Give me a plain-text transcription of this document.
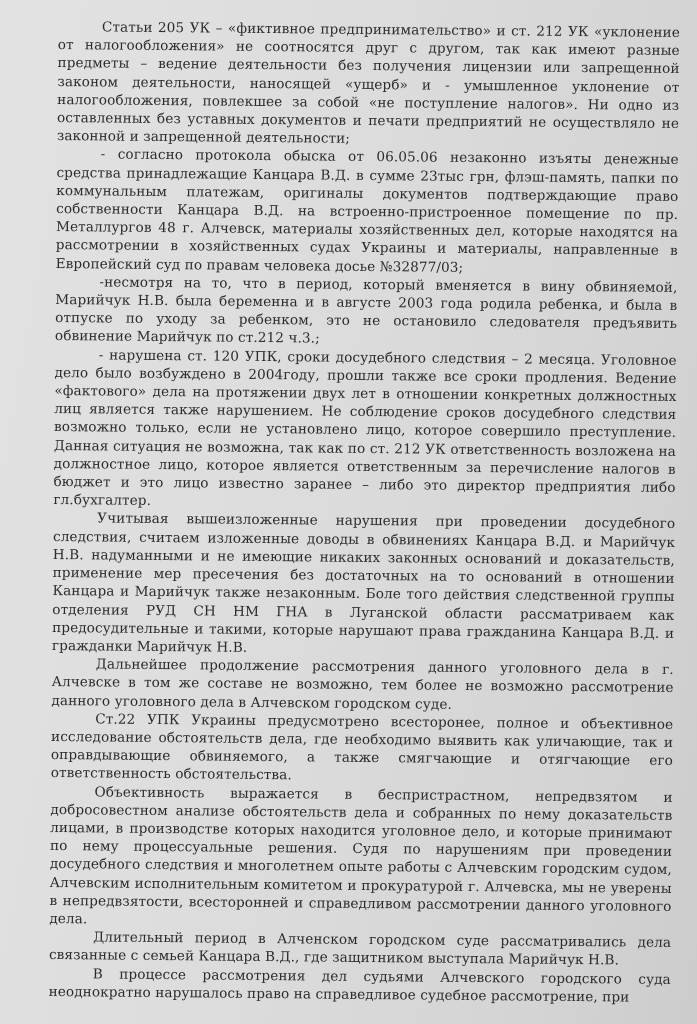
Статьи 205 УК – «фиктивное предпринимательство» и ст. 212 УК «уклонение от налогообложения» не соотносятся друг с другом, так как имеют разные предметы – ведение деятельности без получения лицензии или запрещенной законом деятельности, наносящей «ущерб» и - умышленное уклонение от налогообложения, повлекшее за собой «не поступление налогов». Ни одно из оставленных без уставных документов и печати предприятий не осуществляло не законной и запрещенной деятельности;

- согласно протокола обыска от 06.05.06 незаконно изъяты денежные средства принадлежащие Канцара В.Д. в сумме 23тыс грн, флэш-память, папки по коммунальным платежам, оригиналы документов подтверждающие право собственности Канцара В.Д. на встроенно-пристроенное помещение по пр. Металлургов 48 г. Алчевск, материалы хозяйственных дел, которые находятся на рассмотрении в хозяйственных судах Украины и материалы, направленные в Европейский суд по правам человека досье №32877/03;

-несмотря на то, что в период, который вменяется в вину обвиняемой, Марийчук Н.В. была беременна и в августе 2003 года родила ребенка, и была в отпуске по уходу за ребенком, это не остановило следователя предъявить обвинение Марийчук по ст.212 ч.3.;

- нарушена ст. 120 УПК, сроки досудебного следствия – 2 месяца. Уголовное дело было возбуждено в 2004году, прошли также все сроки продления. Ведение «фактового» дела на протяжении двух лет в отношении конкретных должностных лиц является также нарушением. Не соблюдение сроков досудебного следствия возможно только, если не установлено лицо, которое совершило преступление. Данная ситуация не возможна, так как по ст. 212 УК ответственность возложена на должностное лицо, которое является ответственным за перечисление налогов в бюджет и это лицо известно заранее – либо это директор предприятия либо гл.бухгалтер.

Учитывая вышеизложенные нарушения при проведении досудебного следствия, считаем изложенные доводы в обвинениях Канцара В.Д. и Марийчук Н.В. надуманными и не имеющие никаких законных оснований и доказательств, применение мер пресечения без достаточных на то оснований в отношении Канцара и Марийчук также незаконным. Боле того действия следственной группы отделения РУД СН НМ ГНА в Луганской области рассматриваем как предосудительные и такими, которые нарушают права гражданина Канцара В.Д. и гражданки Марийчук Н.В.

Дальнейшее продолжение рассмотрения данного уголовного дела в г. Алчевске в том же составе не возможно, тем более не возможно рассмотрение данного уголовного дела в Алчевском городском суде.

Ст.22 УПК Украины предусмотрено всесторонее, полное и объективное исследование обстоятельств дела, где необходимо выявить как уличающие, так и оправдывающие обвиняемого, а также смягчающие и отягчающие его ответственность обстоятельства.

Объективность выражается в беспристрастном, непредвзятом и добросовестном анализе обстоятельств дела и собранных по нему доказательств лицами, в производстве которых находится уголовное дело, и которые принимают по нему процессуальные решения. Судя по нарушениям при проведении досудебного следствия и многолетнем опыте работы с Алчевским городским судом, Алчевским исполнительным комитетом и прокуратурой г. Алчевска, мы не уверены в непредвзятости, всесторонней и справедливом рассмотрении данного уголовного дела.

Длительный период в Алченском городском суде рассматривались дела связанные с семьей Канцара В.Д., где защитником выступала Марийчук Н.В.

В процессе рассмотрения дел судьями Алчевского городского суда неоднократно нарушалось право на справедливое судебное рассмотрение, при
